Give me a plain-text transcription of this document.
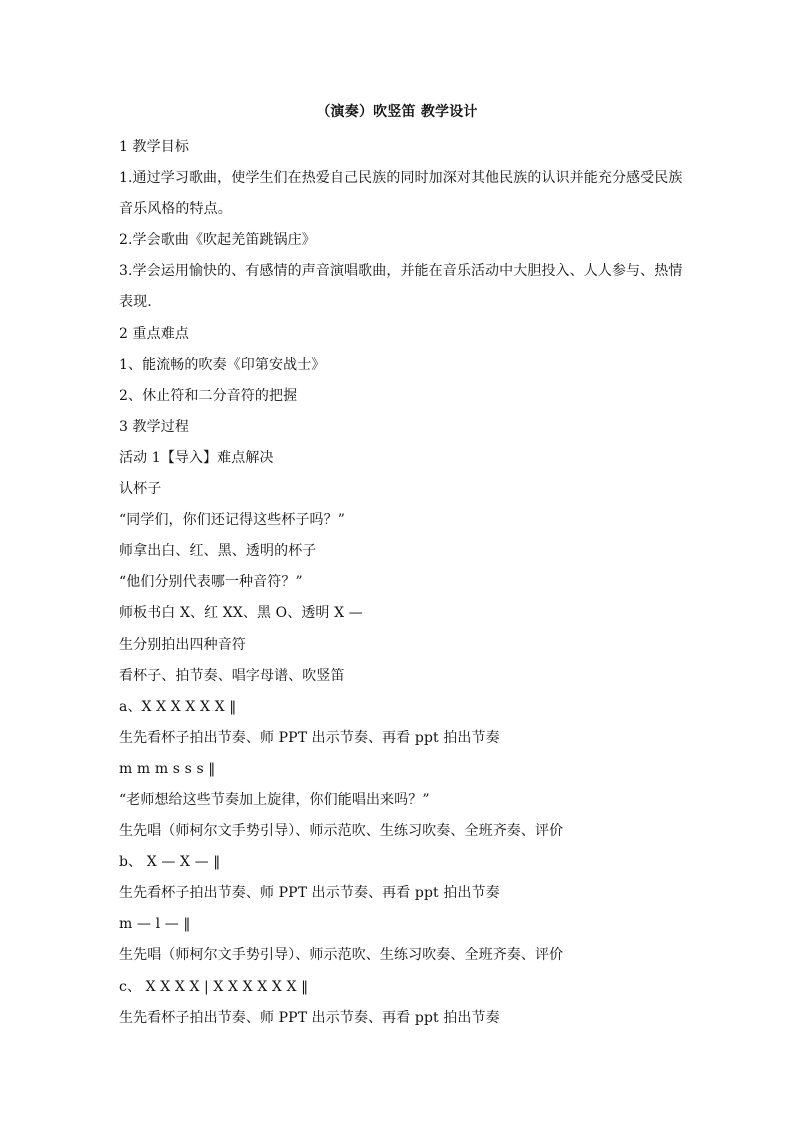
（演奏）吹竖笛 教学设计
1 教学目标
1.通过学习歌曲，使学生们在热爱自己民族的同时加深对其他民族的认识并能充分感受民族
音乐风格的特点。
2.学会歌曲《吹起羌笛跳锅庄》
3.学会运用愉快的、有感情的声音演唱歌曲，并能在音乐活动中大胆投入、人人参与、热情
表现.
2 重点难点
1、能流畅的吹奏《印第安战士》
2、休止符和二分音符的把握
3 教学过程
活动 1【导入】难点解决
认杯子
“同学们，你们还记得这些杯子吗？”
师拿出白、红、黑、透明的杯子
“他们分别代表哪一种音符？”
师板书白 X、红 XX、黑 O、透明 X —
生分别拍出四种音符
看杯子、拍节奏、唱字母谱、吹竖笛
a、X X X X X X ‖
生先看杯子拍出节奏、师 PPT 出示节奏、再看 ppt 拍出节奏
m m m s s s ‖
“老师想给这些节奏加上旋律，你们能唱出来吗？”
生先唱（师柯尔文手势引导）、师示范吹、生练习吹奏、全班齐奏、评价
b、 X — X — ‖
生先看杯子拍出节奏、师 PPT 出示节奏、再看 ppt 拍出节奏
m — l — ‖
生先唱（师柯尔文手势引导）、师示范吹、生练习吹奏、全班齐奏、评价
c、 X X X X | X X X X X X ‖
生先看杯子拍出节奏、师 PPT 出示节奏、再看 ppt 拍出节奏
